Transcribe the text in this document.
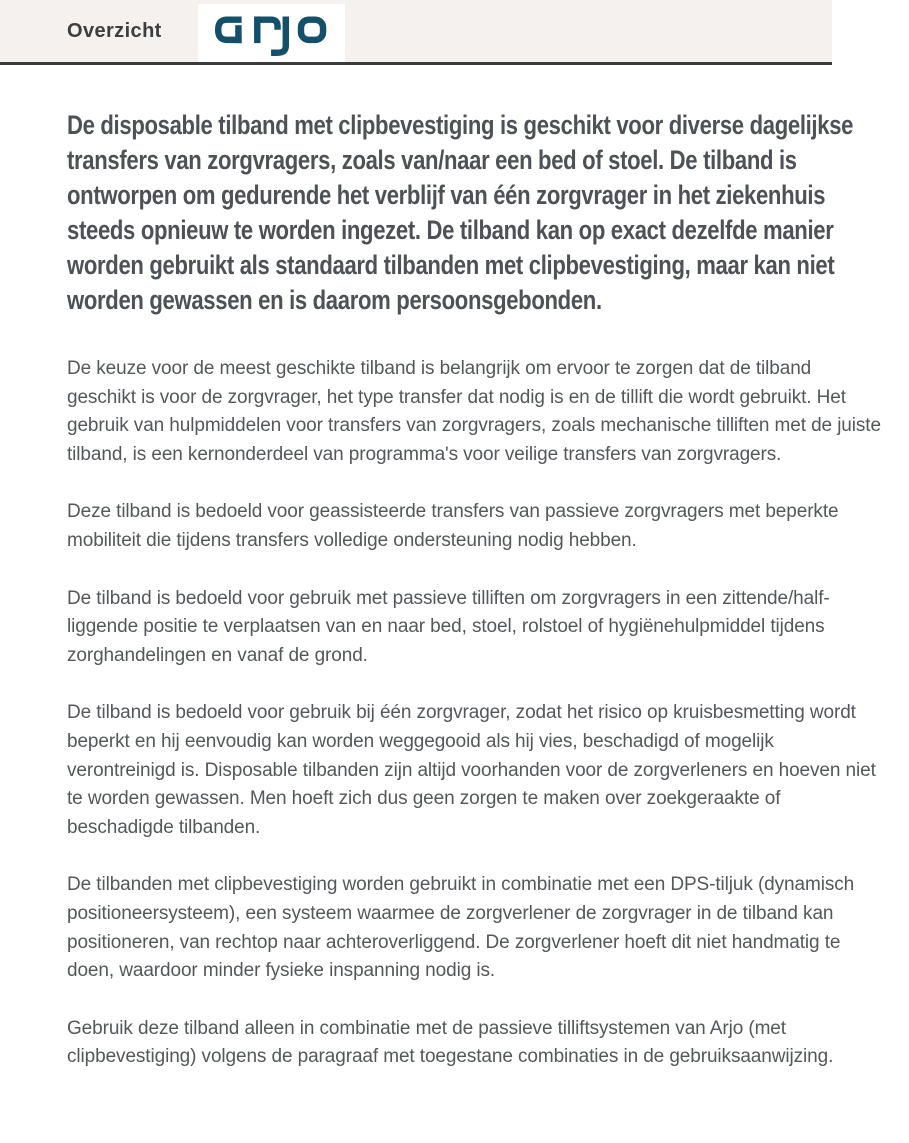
Overzicht
De disposable tilband met clipbevestiging is geschikt voor diverse dagelijkse transfers van zorgvragers, zoals van/naar een bed of stoel. De tilband is ontworpen om gedurende het verblijf van één zorgvrager in het ziekenhuis steeds opnieuw te worden ingezet. De tilband kan op exact dezelfde manier worden gebruikt als standaard tilbanden met clipbevestiging, maar kan niet worden gewassen en is daarom persoonsgebonden.

De keuze voor de meest geschikte tilband is belangrijk om ervoor te zorgen dat de tilband geschikt is voor de zorgvrager, het type transfer dat nodig is en de tillift die wordt gebruikt. Het gebruik van hulpmiddelen voor transfers van zorgvragers, zoals mechanische tilliften met de juiste tilband, is een kernonderdeel van programma's voor veilige transfers van zorgvragers.

Deze tilband is bedoeld voor geassisteerde transfers van passieve zorgvragers met beperkte mobiliteit die tijdens transfers volledige ondersteuning nodig hebben.

De tilband is bedoeld voor gebruik met passieve tilliften om zorgvragers in een zittende/half-liggende positie te verplaatsen van en naar bed, stoel, rolstoel of hygiënehulpmiddel tijdens zorghandelingen en vanaf de grond.

De tilband is bedoeld voor gebruik bij één zorgvrager, zodat het risico op kruisbesmetting wordt beperkt en hij eenvoudig kan worden weggegooid als hij vies, beschadigd of mogelijk verontreinigd is. Disposable tilbanden zijn altijd voorhanden voor de zorgverleners en hoeven niet te worden gewassen. Men hoeft zich dus geen zorgen te maken over zoekgeraakte of beschadigde tilbanden.

De tilbanden met clipbevestiging worden gebruikt in combinatie met een DPS-tiljuk (dynamisch positioneersysteem), een systeem waarmee de zorgverlener de zorgvrager in de tilband kan positioneren, van rechtop naar achteroverliggend. De zorgverlener hoeft dit niet handmatig te doen, waardoor minder fysieke inspanning nodig is.

Gebruik deze tilband alleen in combinatie met de passieve tilliftsystemen van Arjo (met clipbevestiging) volgens de paragraaf met toegestane combinaties in de gebruiksaanwijzing.
